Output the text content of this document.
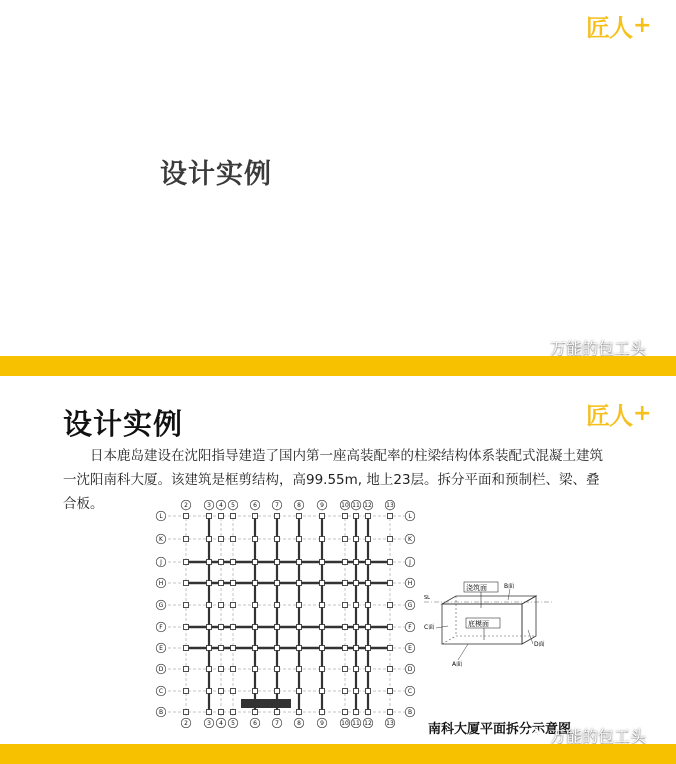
匠人 +
设计实例
万能的包工头
匠人 +
设计实例
日本鹿岛建设在沈阳指导建造了国内第一座高装配率的柱梁结构体系装配式混凝土建筑一沈阳南科大厦。该建筑是框剪结构，高99.55m, 地上23层。拆分平面和预制栏、梁、叠合板。	2
2
3
3
4
4
5
5
6
6
7
7
8
8
9
9
10
10
11
11
12
12
13
13
L	L
K	K
J	J
H	H
G	G
F	F
E	E
D	D
C	C
B	B
浇筑面
底模面
B面
C面
D面
A面
SL
南科大厦平面拆分示意图
万能的包工头
